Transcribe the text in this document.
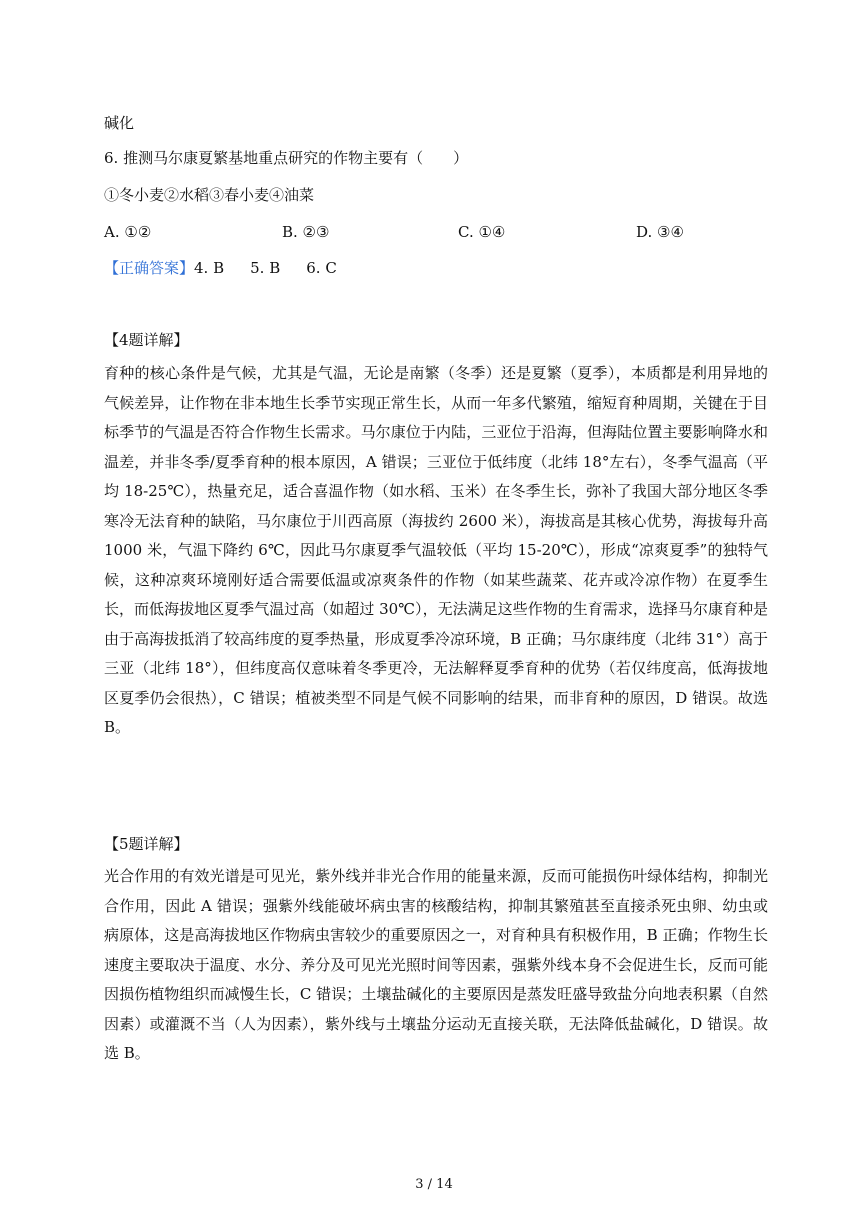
碱化
6. 推测马尔康夏繁基地重点研究的作物主要有（　　）
①冬小麦②水稻③春小麦④油菜
A. ①②	B. ②③	C. ①④	D. ③④
【正确答案】4. B 5. B 6. C
【4题详解】
育种的核心条件是气候，尤其是气温，无论是南繁（冬季）还是夏繁（夏季），本质都是利用异地的气候差异，让作物在非本地生长季节实现正常生长，从而一年多代繁殖，缩短育种周期，关键在于目标季节的气温是否符合作物生长需求。马尔康位于内陆，三亚位于沿海，但海陆位置主要影响降水和温差，并非冬季/夏季育种的根本原因，A 错误；三亚位于低纬度（北纬 18°左右），冬季气温高（平均 18-25℃），热量充足，适合喜温作物（如水稻、玉米）在冬季生长，弥补了我国大部分地区冬季寒冷无法育种的缺陷，马尔康位于川西高原（海拔约 2600 米），海拔高是其核心优势，海拔每升高 1000 米，气温下降约 6℃，因此马尔康夏季气温较低（平均 15-20℃），形成“凉爽夏季”的独特气候，这种凉爽环境刚好适合需要低温或凉爽条件的作物（如某些蔬菜、花卉或冷凉作物）在夏季生长，而低海拔地区夏季气温过高（如超过 30℃），无法满足这些作物的生育需求，选择马尔康育种是由于高海拔抵消了较高纬度的夏季热量，形成夏季冷凉环境，B 正确；马尔康纬度（北纬 31°）高于三亚（北纬 18°），但纬度高仅意味着冬季更冷，无法解释夏季育种的优势（若仅纬度高，低海拔地区夏季仍会很热），C 错误；植被类型不同是气候不同影响的结果，而非育种的原因，D 错误。故选 B。
【5题详解】
光合作用的有效光谱是可见光，紫外线并非光合作用的能量来源，反而可能损伤叶绿体结构，抑制光合作用，因此 A 错误；强紫外线能破坏病虫害的核酸结构，抑制其繁殖甚至直接杀死虫卵、幼虫或病原体，这是高海拔地区作物病虫害较少的重要原因之一，对育种具有积极作用，B 正确；作物生长速度主要取决于温度、水分、养分及可见光光照时间等因素，强紫外线本身不会促进生长，反而可能因损伤植物组织而减慢生长，C 错误；土壤盐碱化的主要原因是蒸发旺盛导致盐分向地表积累（自然因素）或灌溉不当（人为因素），紫外线与土壤盐分运动无直接关联，无法降低盐碱化，D 错误。故选 B。
3 / 14
